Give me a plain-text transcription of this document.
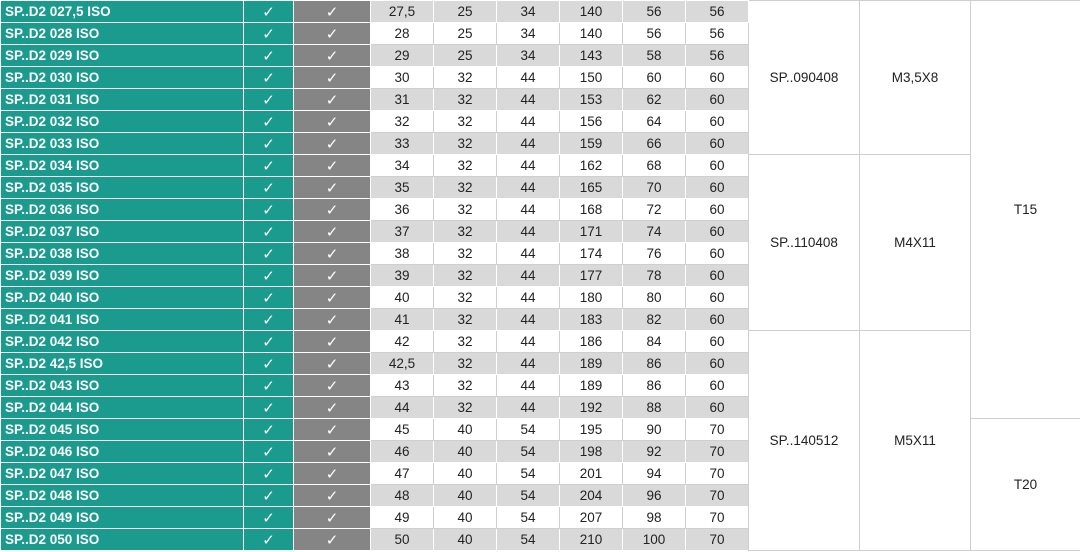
SP..D2 027,5 ISO	✓	✓	27,5	25	34	140	56	56	SP..090408	M3,5X8	T15
SP..D2 028 ISO	✓	✓	28	25	34	140	56	56			
SP..D2 029 ISO	✓	✓	29	25	34	143	58	56			
SP..D2 030 ISO	✓	✓	30	32	44	150	60	60			
SP..D2 031 ISO	✓	✓	31	32	44	153	62	60			
SP..D2 032 ISO	✓	✓	32	32	44	156	64	60			
SP..D2 033 ISO	✓	✓	33	32	44	159	66	60			
SP..D2 034 ISO	✓	✓	34	32	44	162	68	60	SP..110408	M4X11	
SP..D2 035 ISO	✓	✓	35	32	44	165	70	60			
SP..D2 036 ISO	✓	✓	36	32	44	168	72	60			
SP..D2 037 ISO	✓	✓	37	32	44	171	74	60			
SP..D2 038 ISO	✓	✓	38	32	44	174	76	60			
SP..D2 039 ISO	✓	✓	39	32	44	177	78	60			
SP..D2 040 ISO	✓	✓	40	32	44	180	80	60			
SP..D2 041 ISO	✓	✓	41	32	44	183	82	60			
SP..D2 042 ISO	✓	✓	42	32	44	186	84	60	SP..140512	M5X11	
SP..D2 42,5 ISO	✓	✓	42,5	32	44	189	86	60			
SP..D2 043 ISO	✓	✓	43	32	44	189	86	60			
SP..D2 044 ISO	✓	✓	44	32	44	192	88	60			
SP..D2 045 ISO	✓	✓	45	40	54	195	90	70			T20
SP..D2 046 ISO	✓	✓	46	40	54	198	92	70			
SP..D2 047 ISO	✓	✓	47	40	54	201	94	70			
SP..D2 048 ISO	✓	✓	48	40	54	204	96	70			
SP..D2 049 ISO	✓	✓	49	40	54	207	98	70			
SP..D2 050 ISO	✓	✓	50	40	54	210	100	70			
